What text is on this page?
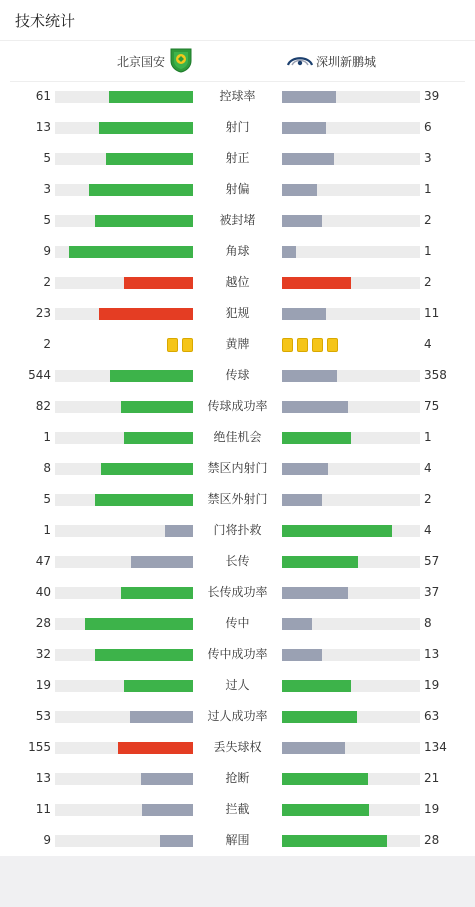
技术统计
北京国安	深圳新鹏城
61	控球率	39
13	射门	6
5	射正	3
3	射偏	1
5	被封堵	2
9	角球	1
2	越位	2
23	犯规	11
2	黄牌	4
544	传球	358
82	传球成功率	75
1	绝佳机会	1
8	禁区内射门	4
5	禁区外射门	2
1	门将扑救	4
47	长传	57
40	长传成功率	37
28	传中	8
32	传中成功率	13
19	过人	19
53	过人成功率	63
155	丢失球权	134
13	抢断	21
11	拦截	19
9	解围	28
